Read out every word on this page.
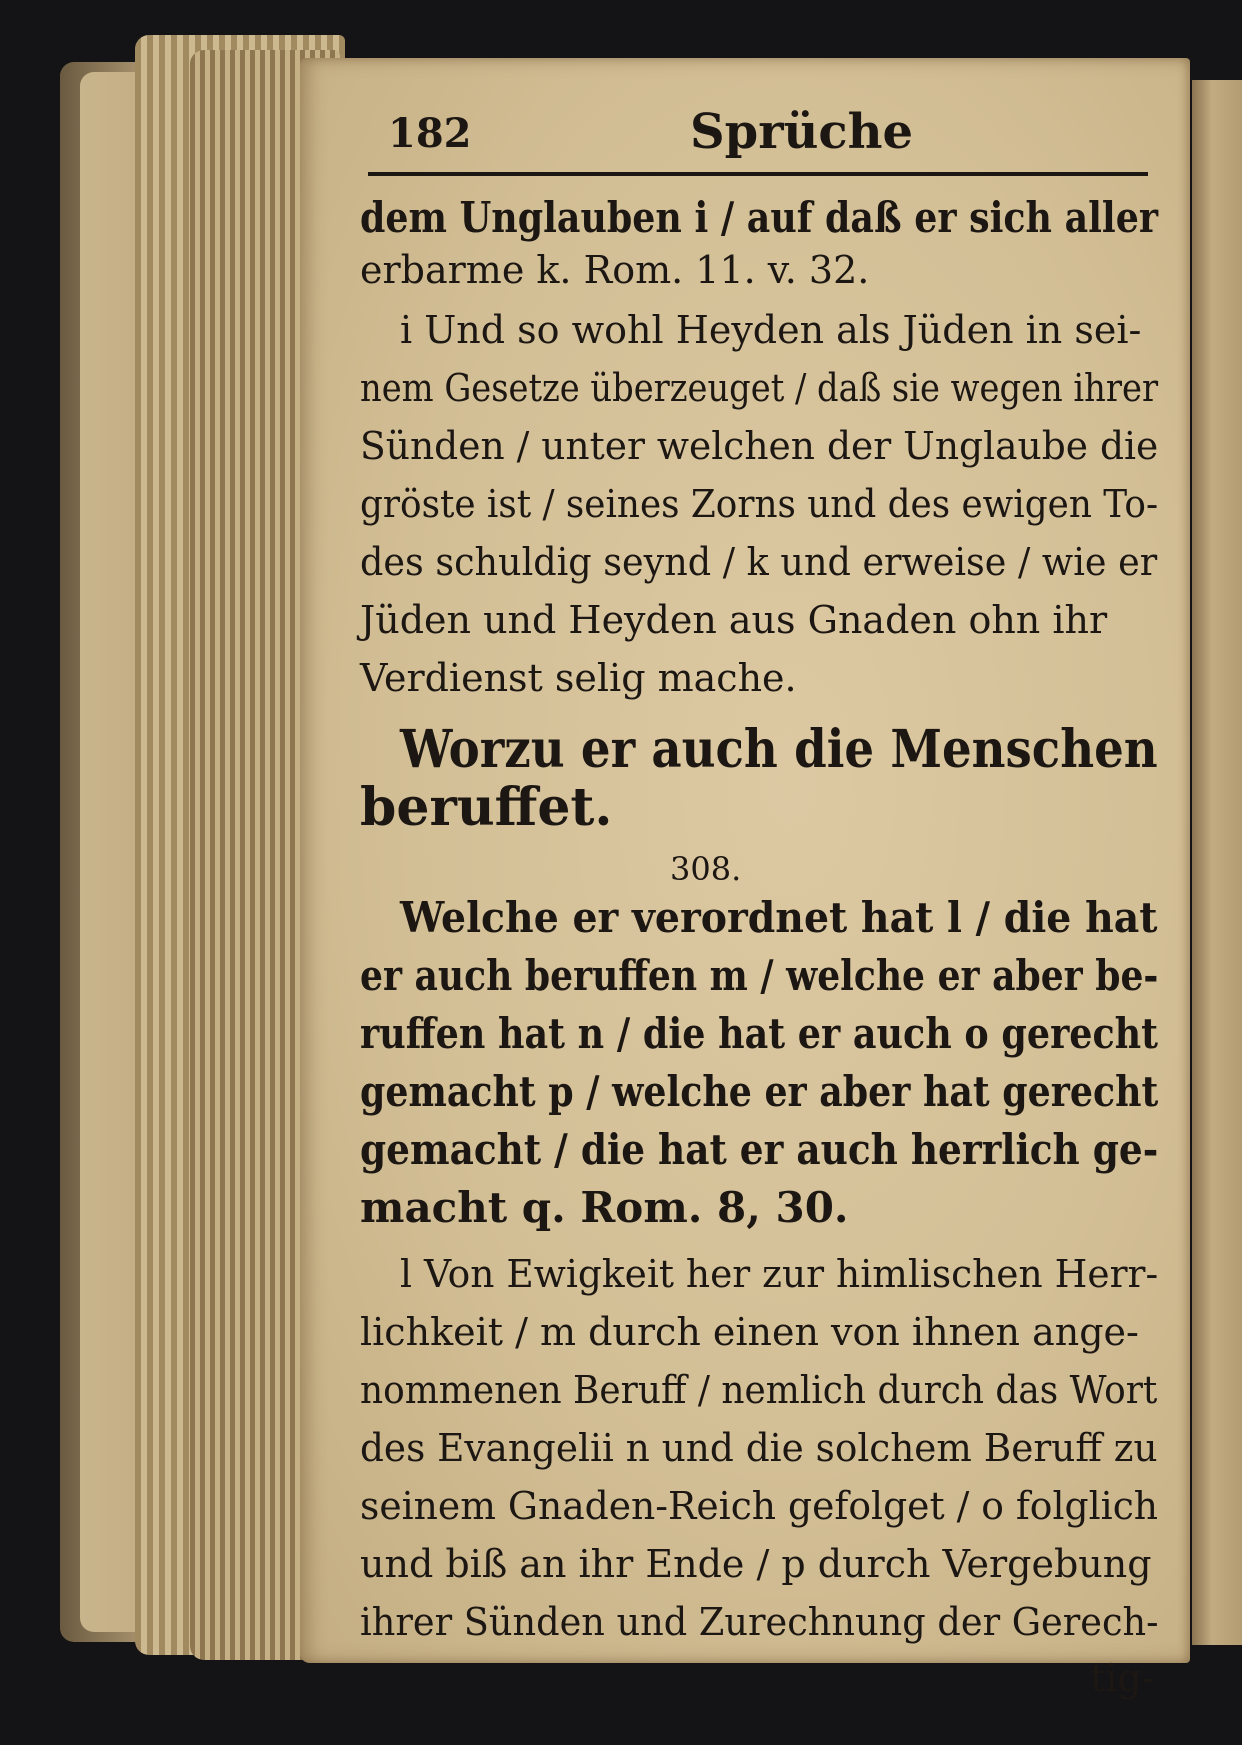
182	Sprüche
dem Unglauben i / auf daß er sich aller
erbarme k. Rom. 11. v. 32.
i Und so wohl Heyden als Jüden in sei-
nem Gesetze überzeuget / daß sie wegen ihrer
Sünden / unter welchen der Unglaube die
gröste ist / seines Zorns und des ewigen To-
des schuldig seynd / k und erweise / wie er
Jüden und Heyden aus Gnaden ohn ihr
Verdienst selig mache.
Worzu er auch die Menschen
beruffet.
308.
Welche er verordnet hat l / die hat
er auch beruffen m / welche er aber be-
ruffen hat n / die hat er auch o gerecht
gemacht p / welche er aber hat gerecht
gemacht / die hat er auch herrlich ge-
macht q. Rom. 8, 30.
l Von Ewigkeit her zur himlischen Herr-
lichkeit / m durch einen von ihnen ange-
nommenen Beruff / nemlich durch das Wort
des Evangelii n und die solchem Beruff zu
seinem Gnaden-Reich gefolget / o folglich
und biß an ihr Ende / p durch Vergebung
ihrer Sünden und Zurechnung der Gerech-
tig-
